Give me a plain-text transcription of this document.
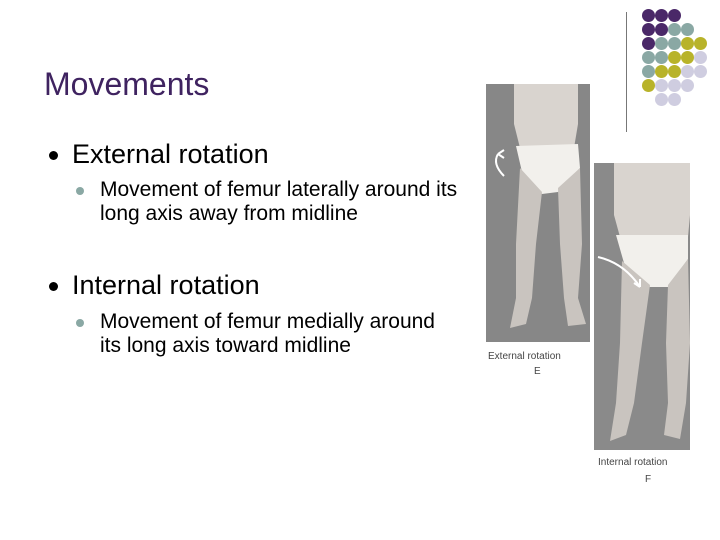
Movements
External rotation
Movement of femur laterally around its long axis away from midline
Internal rotation
Movement of femur medially around its long axis toward midline	External rotation
E
Internal rotation
F
